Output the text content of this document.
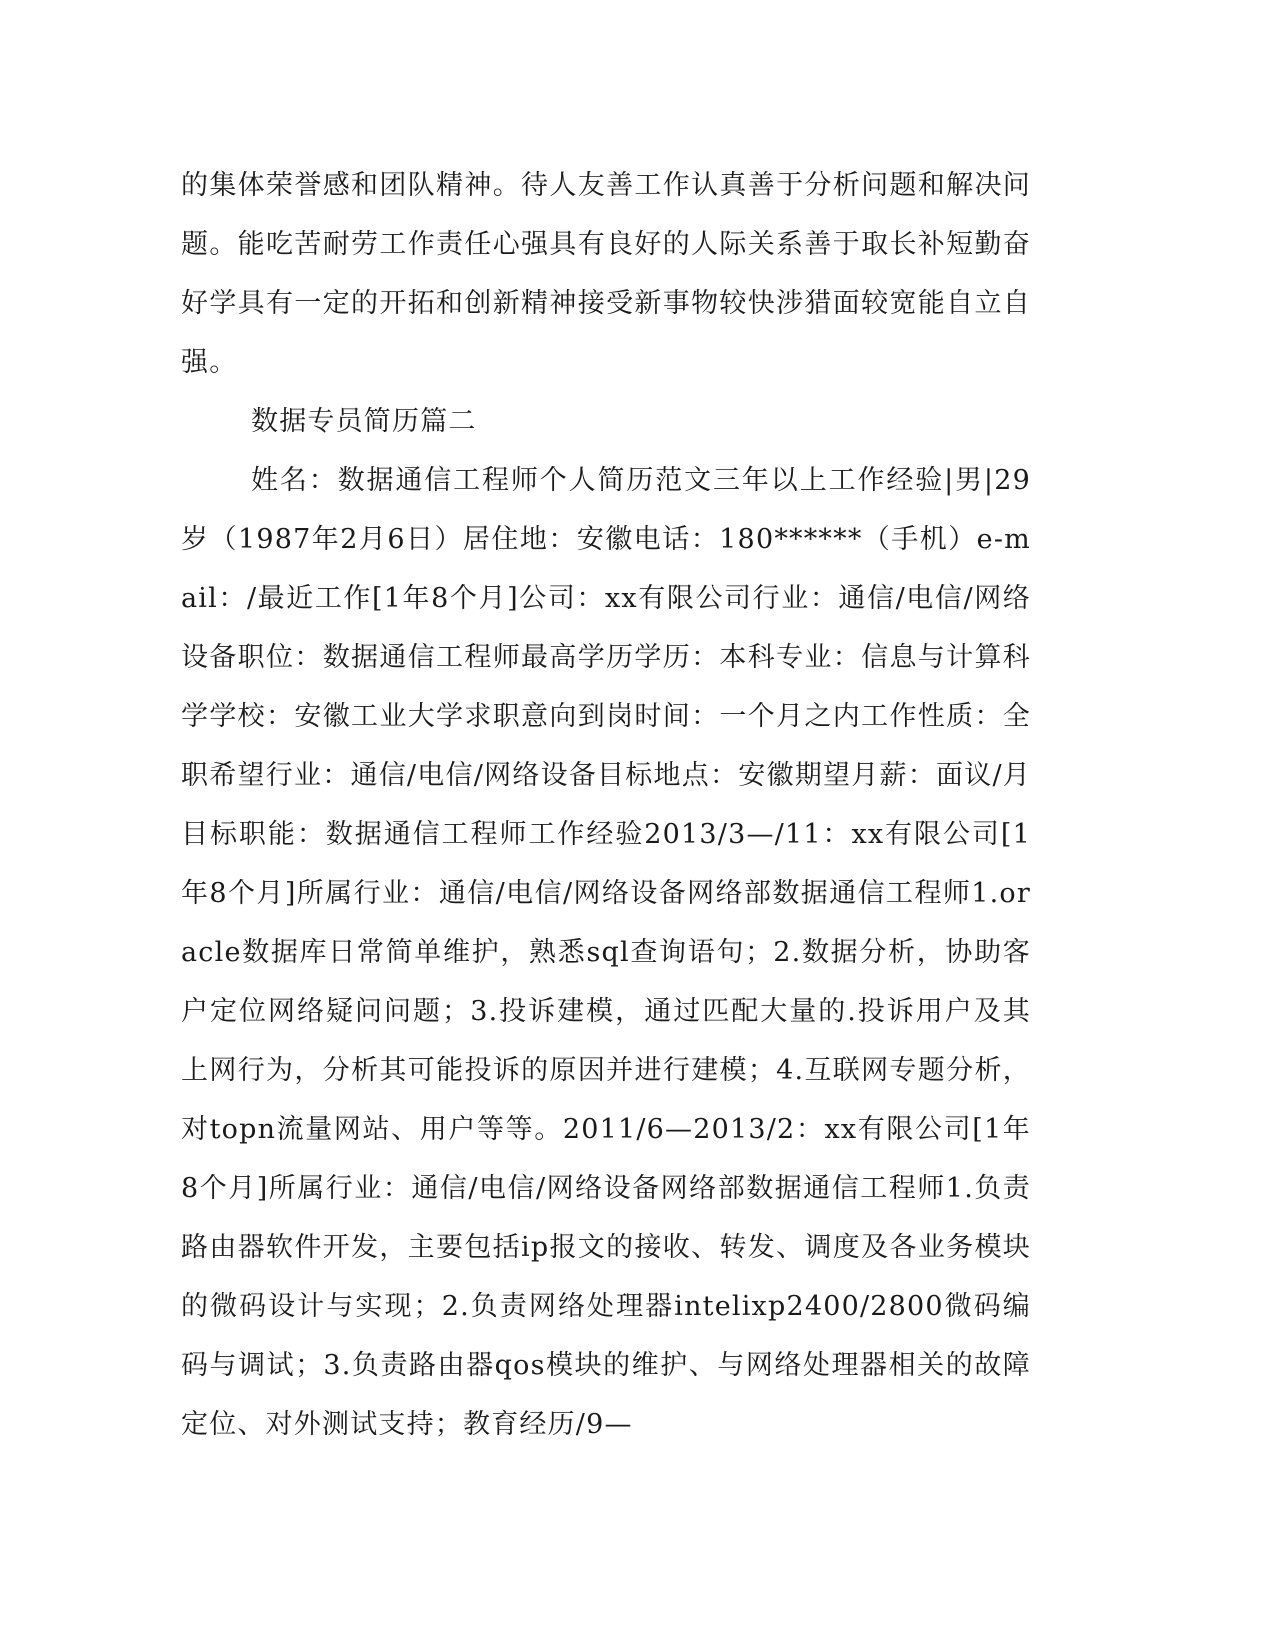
的集体荣誉感和团队精神。待人友善工作认真善于分析问题和解决问题。能吃苦耐劳工作责任心强具有良好的人际关系善于取长补短勤奋好学具有一定的开拓和创新精神接受新事物较快涉猎面较宽能自立自强。

数据专员简历篇二

姓名：数据通信工程师个人简历范文三年以上工作经验|男|29岁（1987年2月6日）居住地：安徽电话：180******（手机）e-mail：/最近工作[1年8个月]公司：xx有限公司行业：通信/电信/网络设备职位：数据通信工程师最高学历学历：本科专业：信息与计算科学学校：安徽工业大学求职意向到岗时间：一个月之内工作性质：全职希望行业：通信/电信/网络设备目标地点：安徽期望月薪：面议/月目标职能：数据通信工程师工作经验2013/3—/11：xx有限公司[1年8个月]所属行业：通信/电信/网络设备网络部数据通信工程师1.oracle数据库日常简单维护，熟悉sql查询语句；2.数据分析，协助客户定位网络疑问问题；3.投诉建模，通过匹配大量的.投诉用户及其上网行为，分析其可能投诉的原因并进行建模；4.互联网专题分析，对topn流量网站、用户等等。2011/6—2013/2：xx有限公司[1年8个月]所属行业：通信/电信/网络设备网络部数据通信工程师1.负责路由器软件开发，主要包括ip报文的接收、转发、调度及各业务模块的微码设计与实现；2.负责网络处理器intelixp2400/2800微码编码与调试；3.负责路由器qos模块的维护、与网络处理器相关的故障定位、对外测试支持；教育经历/9—
